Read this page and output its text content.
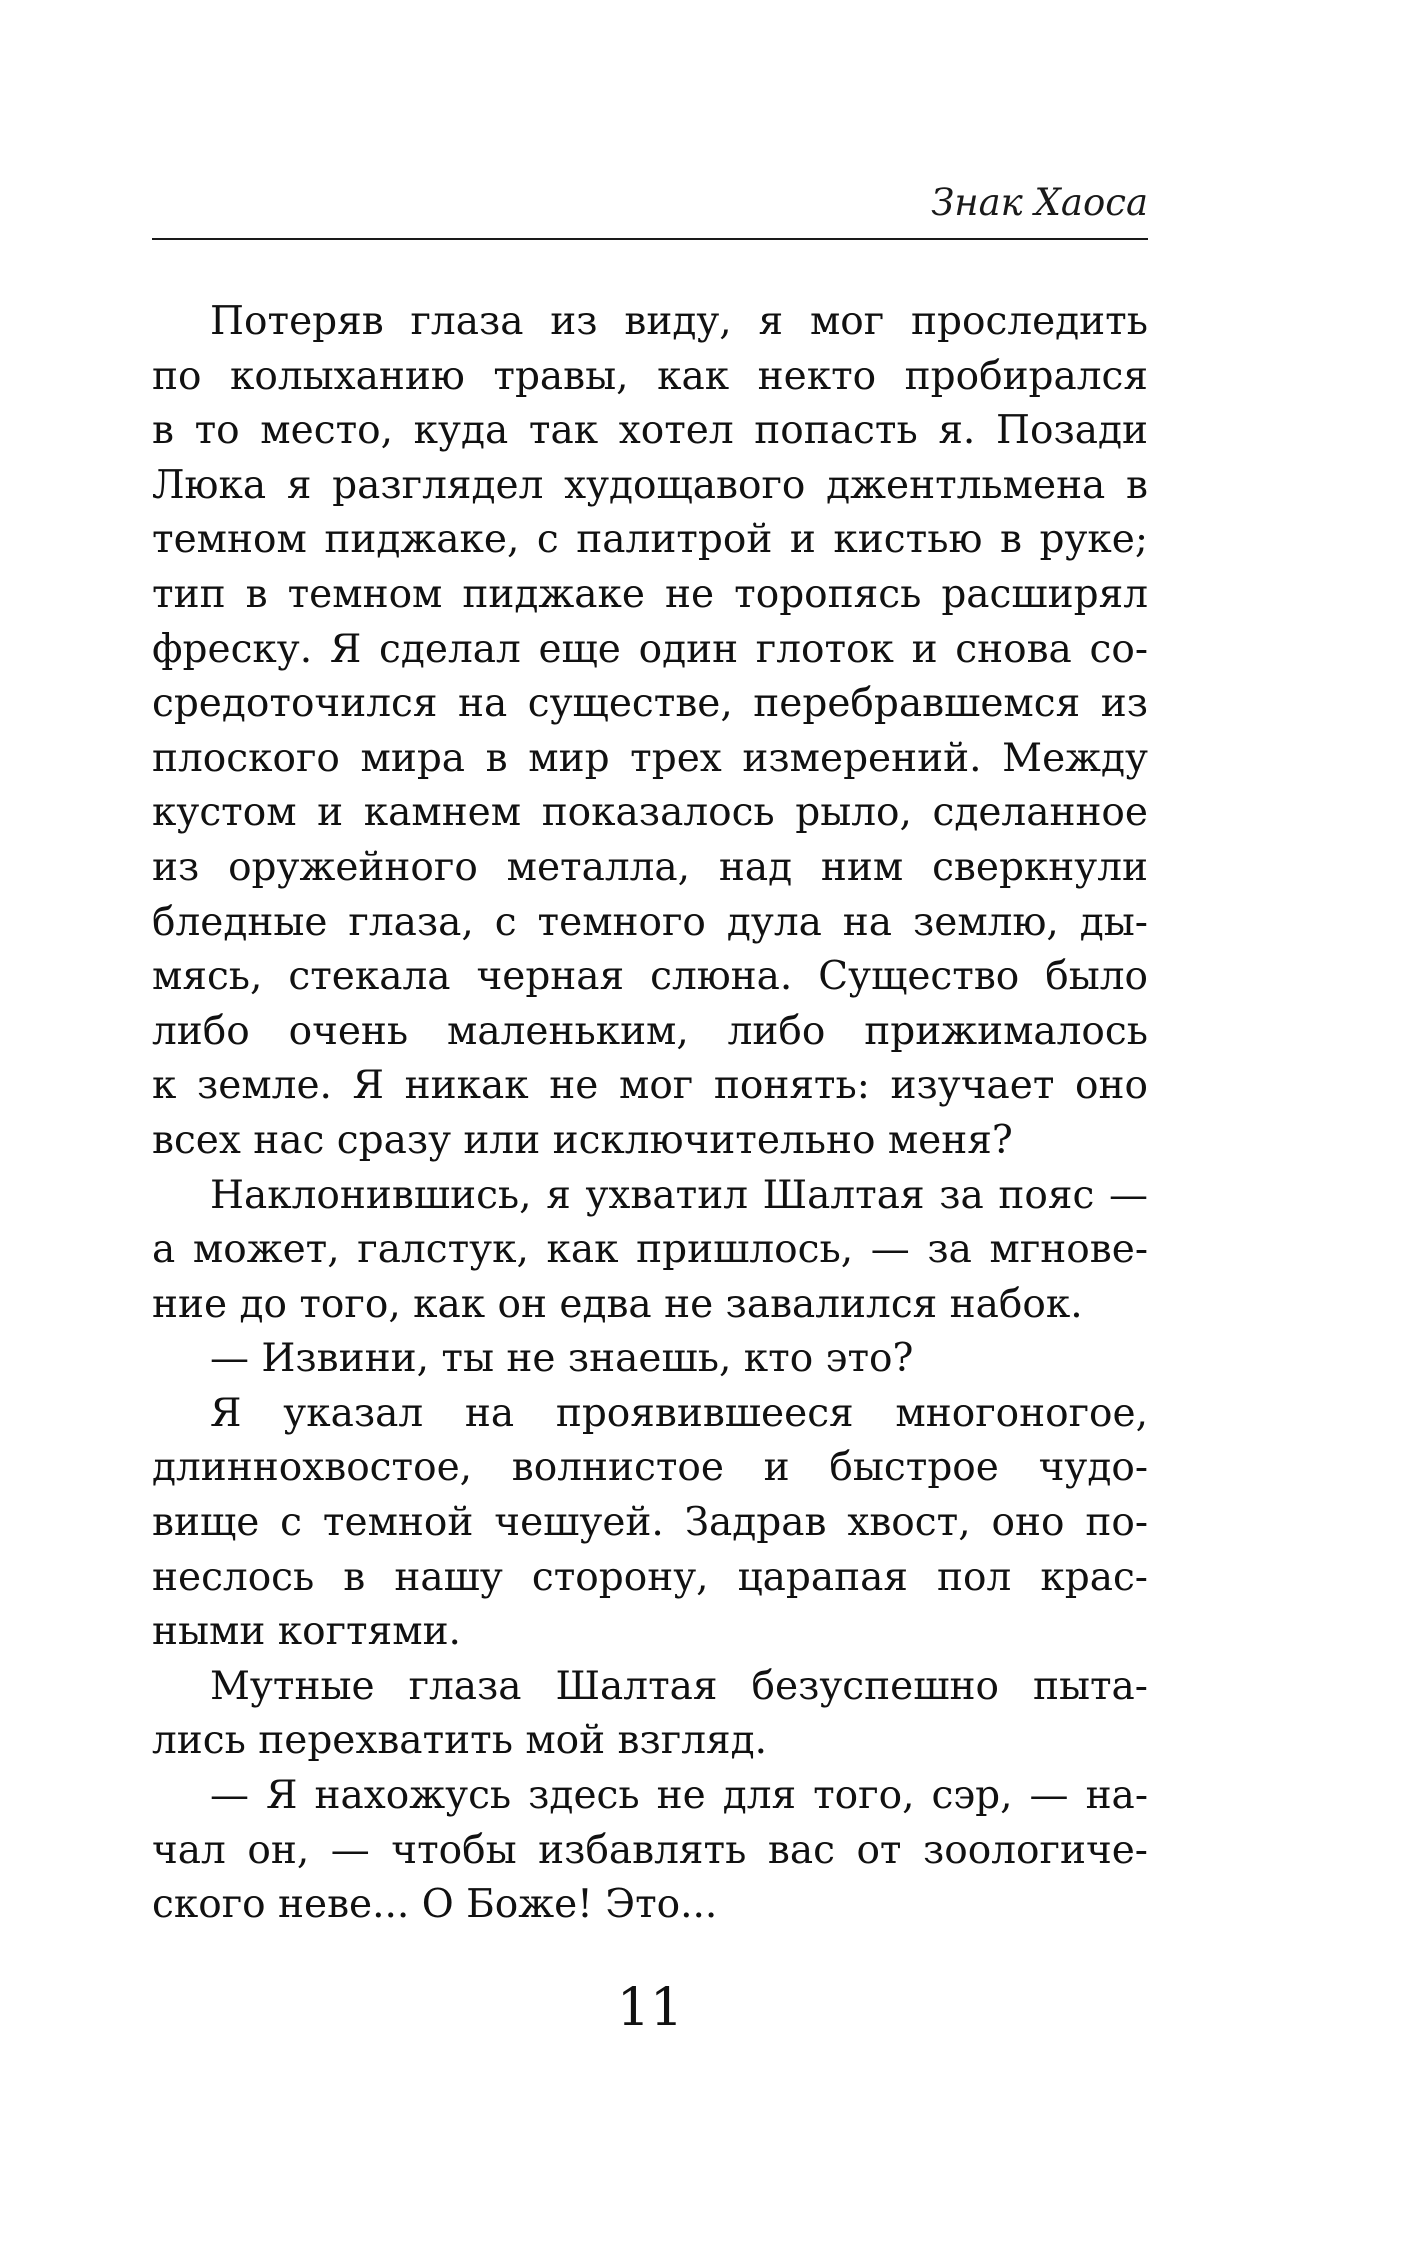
Знак Хаоса

Потеряв глаза из виду, я мог проследить
по колыханию травы, как некто пробирался
в то место, куда так хотел попасть я. Позади
Люка я разглядел худощавого джентльмена в
темном пиджаке, с палитрой и кистью в руке;
тип в темном пиджаке не торопясь расширял
фреску. Я сделал еще один глоток и снова со-
средоточился на существе, перебравшемся из
плоского мира в мир трех измерений. Между
кустом и камнем показалось рыло, сделанное
из оружейного металла, над ним сверкнули
бледные глаза, с темного дула на землю, ды-
мясь, стекала черная слюна. Существо было
либо очень маленьким, либо прижималось
к земле. Я никак не мог понять: изучает оно
всех нас сразу или исключительно меня?

Наклонившись, я ухватил Шалтая за пояс —
а может, галстук, как пришлось, — за мгнове-
ние до того, как он едва не завалился набок.

— Извини, ты не знаешь, кто это?

Я указал на проявившееся многоногое,
длиннохвостое, волнистое и быстрое чудо-
вище с темной чешуей. Задрав хвост, оно по-
неслось в нашу сторону, царапая пол крас-
ными когтями.

Мутные глаза Шалтая безуспешно пыта-
лись перехватить мой взгляд.

— Я нахожусь здесь не для того, сэр, — на-
чал он, — чтобы избавлять вас от зоологиче-
ского неве... О Боже! Это...

11
